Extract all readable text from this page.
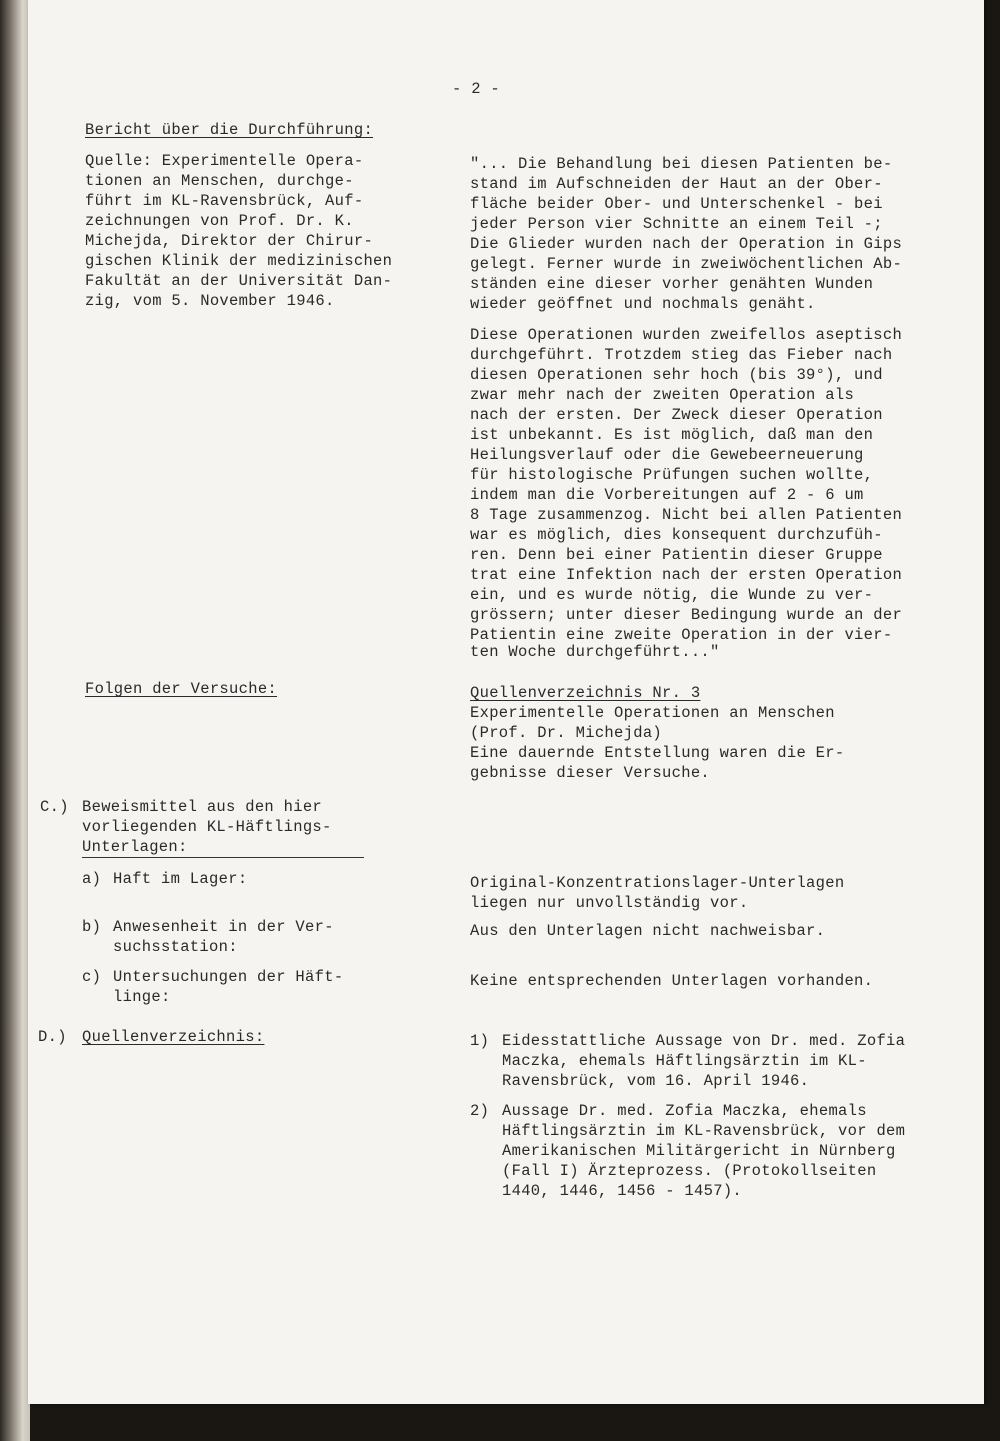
- 2 -
Bericht über die Durchführung:
Quelle: Experimentelle Opera-
tionen an Menschen, durchge-
führt im KL-Ravensbrück, Auf-
zeichnungen von Prof. Dr. K.
Michejda, Direktor der Chirur-
gischen Klinik der medizinischen
Fakultät an der Universität Dan-
zig, vom 5. November 1946.
"... Die Behandlung bei diesen Patienten be-
stand im Aufschneiden der Haut an der Ober-
fläche beider Ober- und Unterschenkel - bei
jeder Person vier Schnitte an einem Teil -;
Die Glieder wurden nach der Operation in Gips
gelegt. Ferner wurde in zweiwöchentlichen Ab-
ständen eine dieser vorher genähten Wunden
wieder geöffnet und nochmals genäht.
Diese Operationen wurden zweifellos aseptisch
durchgeführt. Trotzdem stieg das Fieber nach
diesen Operationen sehr hoch (bis 39°), und
zwar mehr nach der zweiten Operation als
nach der ersten. Der Zweck dieser Operation
ist unbekannt. Es ist möglich, daß man den
Heilungsverlauf oder die Gewebeerneuerung
für histologische Prüfungen suchen wollte,
indem man die Vorbereitungen auf 2 - 6 um
8 Tage zusammenzog. Nicht bei allen Patienten
war es möglich, dies konsequent durchzufüh-
ren. Denn bei einer Patientin dieser Gruppe
trat eine Infektion nach der ersten Operation
ein, und es wurde nötig, die Wunde zu ver-
grössern; unter dieser Bedingung wurde an der
Patientin eine zweite Operation in der vier-
ten Woche durchgeführt..."
Folgen der Versuche:	Quellenverzeichnis Nr. 3
Experimentelle Operationen an Menschen
(Prof. Dr. Michejda)
Eine dauernde Entstellung waren die Er-
gebnisse dieser Versuche.
C.) Beweismittel aus den hier
vorliegenden KL-Häftlings-
Unterlagen:
a) Haft im Lager:	Original-Konzentrationslager-Unterlagen
liegen nur unvollständig vor.
b) Anwesenheit in der Ver-
suchsstation:
Aus den Unterlagen nicht nachweisbar.
c) Untersuchungen der Häft-
linge:
Keine entsprechenden Unterlagen vorhanden.
D.) Quellenverzeichnis:	1) Eidesstattliche Aussage von Dr. med. Zofia
Maczka, ehemals Häftlingsärztin im KL-
Ravensbrück, vom 16. April 1946.
2) Aussage Dr. med. Zofia Maczka, ehemals
Häftlingsärztin im KL-Ravensbrück, vor dem
Amerikanischen Militärgericht in Nürnberg
(Fall I) Ärzteprozess. (Protokollseiten
1440, 1446, 1456 - 1457).
